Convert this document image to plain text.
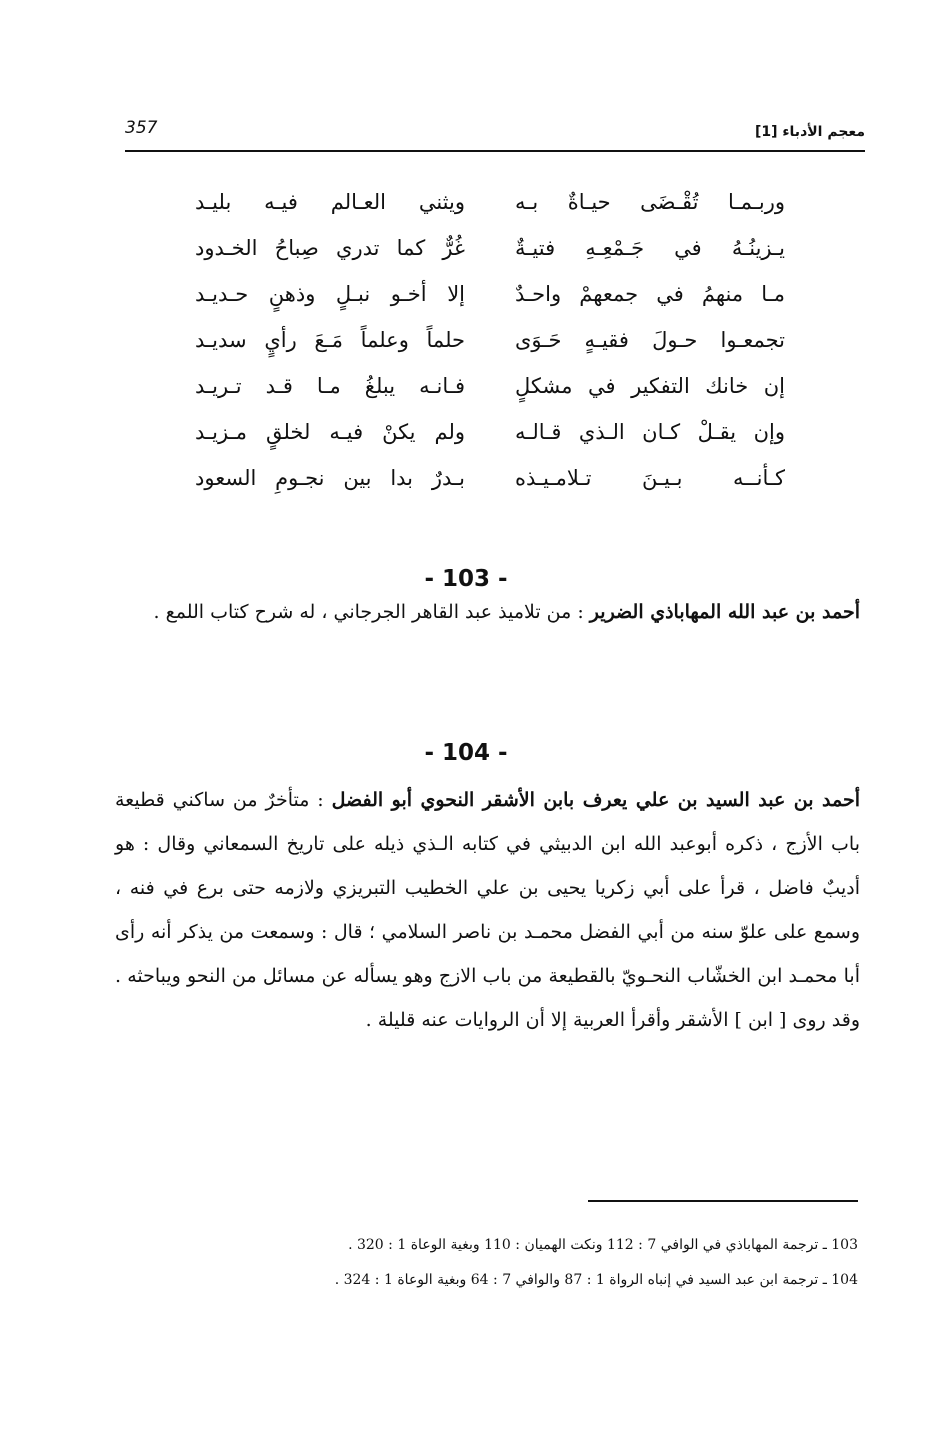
357	معجم الأدباء [1]
وربـمـا تُقْـضَى حيـاةٌ بـه
ويثني العـالم فيـه بليـد
يـزينُـهُ في جَـمْعِـهِ فتيـةٌ
غُرٌّ كما تدري صِباحُ الخـدود
مـا منهمُ في جمعهمْ واحـدٌ
إلا أخـو نبـلٍ وذهنٍ حـديـد
تجمعـوا حـولَ فقيـهٍ حَـوَى
حلماً وعلماً مَـعَ رأيٍ سديـد
إن خانك التفكير في مشكلٍ
فـانـه يبلغُ مـا قـد تـريـد
وإن يقـلْ كـان الـذي قـالـه
ولم يكنْ فيـه لخلقٍ مـزيـد
كـأنــه بـيـنَ تـلامـيـذه
بـدرٌ بدا بين نجـومِ السعود
- 103 -

أحمد بن عبد الله المهاباذي الضرير : من تلاميذ عبد القاهر الجرجاني ، له شرح كتاب اللمع .

- 104 -

أحمد بن عبد السيد بن علي يعرف بابن الأشقر النحوي أبو الفضل : متأخرٌ من ساكني قطيعة باب الأزج ، ذكره أبوعبد الله ابن الدبيثي في كتابه الـذي ذيله على تاريخ السمعاني وقال : هو أديبٌ فاضل ، قرأ على أبي زكريا يحيى بن علي الخطيب التبريزي ولازمه حتى برع في فنه ، وسمع على علوّ سنه من أبي الفضل محمـد بن ناصر السلامي ؛ قال : وسمعت من يذكر أنه رأى أبا محمـد ابن الخشّاب النحـويّ بالقطيعة من باب الازج وهو يسأله عن مسائل من النحو ويباحثه . وقد روى [ ابن ] الأشقر وأقرأ العربية إلا أن الروايات عنه قليلة .

103 ـ ترجمة المهاباذي في الوافي 7 : 112 ونكت الهميان : 110 وبغية الوعاة 1 : 320 .
104 ـ ترجمة ابن عبد السيد في إنباه الرواة 1 : 87 والوافي 7 : 64 وبغية الوعاة 1 : 324 .
